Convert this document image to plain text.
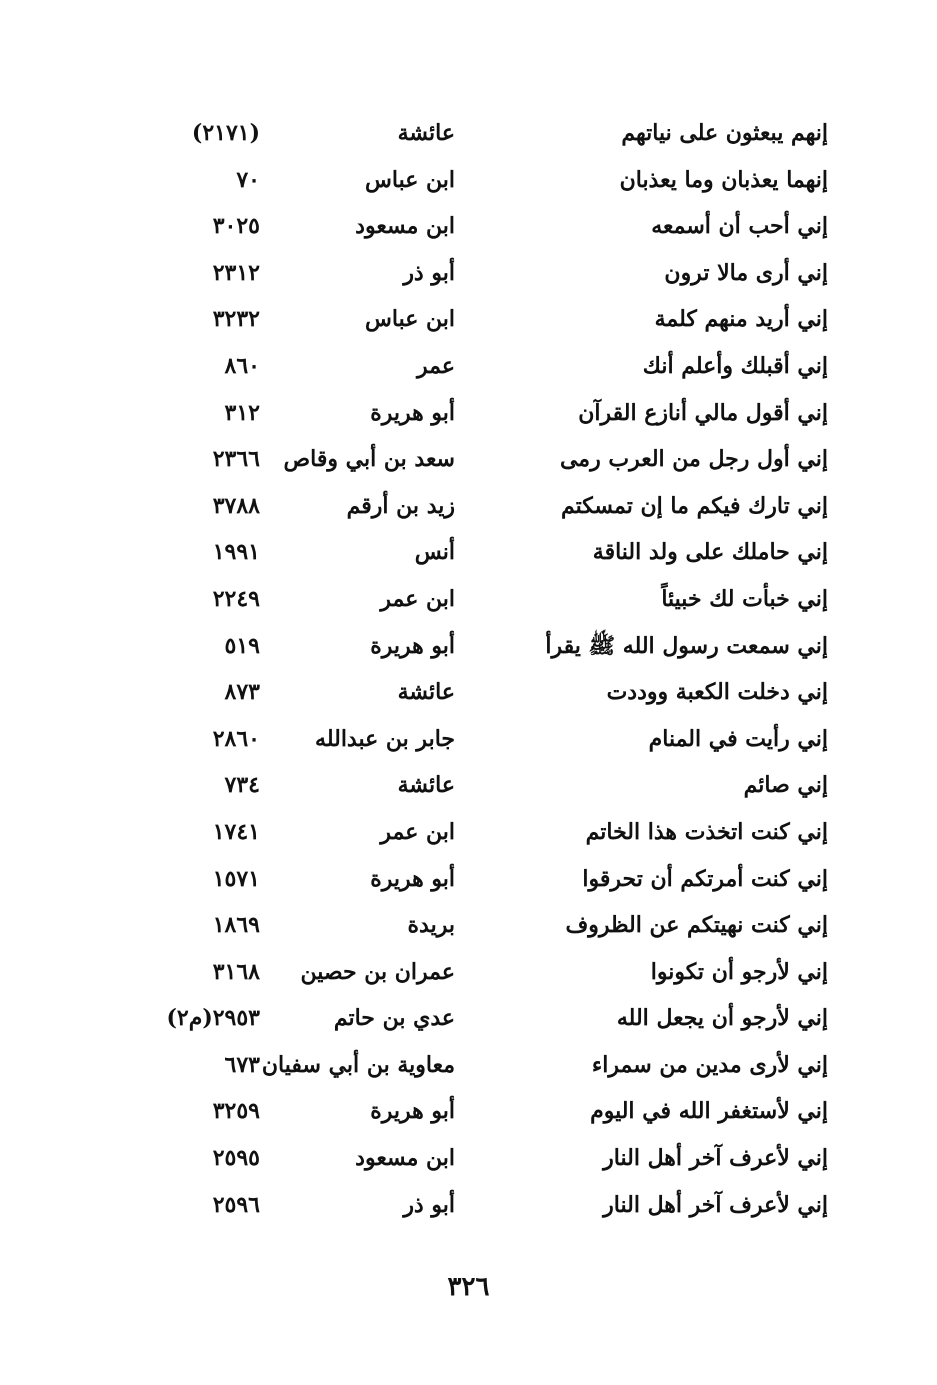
إنهم يبعثون على نياتهم
عائشة
(٢١٧١)
إنهما يعذبان وما يعذبان
ابن عباس
٧٠
إني أحب أن أسمعه
ابن مسعود
٣٠٢٥
إني أرى مالا ترون
أبو ذر
٢٣١٢
إني أريد منهم كلمة
ابن عباس
٣٢٣٢
إني أقبلك وأعلم أنك
عمر
٨٦٠
إني أقول مالي أنازع القرآن
أبو هريرة
٣١٢
إني أول رجل من العرب رمى
سعد بن أبي وقاص
٢٣٦٦
إني تارك فيكم ما إن تمسكتم
زيد بن أرقم
٣٧٨٨
إني حاملك على ولد الناقة
أنس
١٩٩١
إني خبأت لك خبيئاً
ابن عمر
٢٢٤٩
إني سمعت رسول الله ﷺ يقرأ
أبو هريرة
٥١٩
إني دخلت الكعبة ووددت
عائشة
٨٧٣
إني رأيت في المنام
جابر بن عبدالله
٢٨٦٠
إني صائم
عائشة
٧٣٤
إني كنت اتخذت هذا الخاتم
ابن عمر
١٧٤١
إني كنت أمرتكم أن تحرقوا
أبو هريرة
١٥٧١
إني كنت نهيتكم عن الظروف
بريدة
١٨٦٩
إني لأرجو أن تكونوا
عمران بن حصين
٣١٦٨
إني لأرجو أن يجعل الله
عدي بن حاتم
٢٩٥٣(م٢)
إني لأرى مدين من سمراء
معاوية بن أبي سفيان
٦٧٣
إني لأستغفر الله في اليوم
أبو هريرة
٣٢٥٩
إني لأعرف آخر أهل النار
ابن مسعود
٢٥٩٥
إني لأعرف آخر أهل النار
أبو ذر
٢٥٩٦
٣٢٦
